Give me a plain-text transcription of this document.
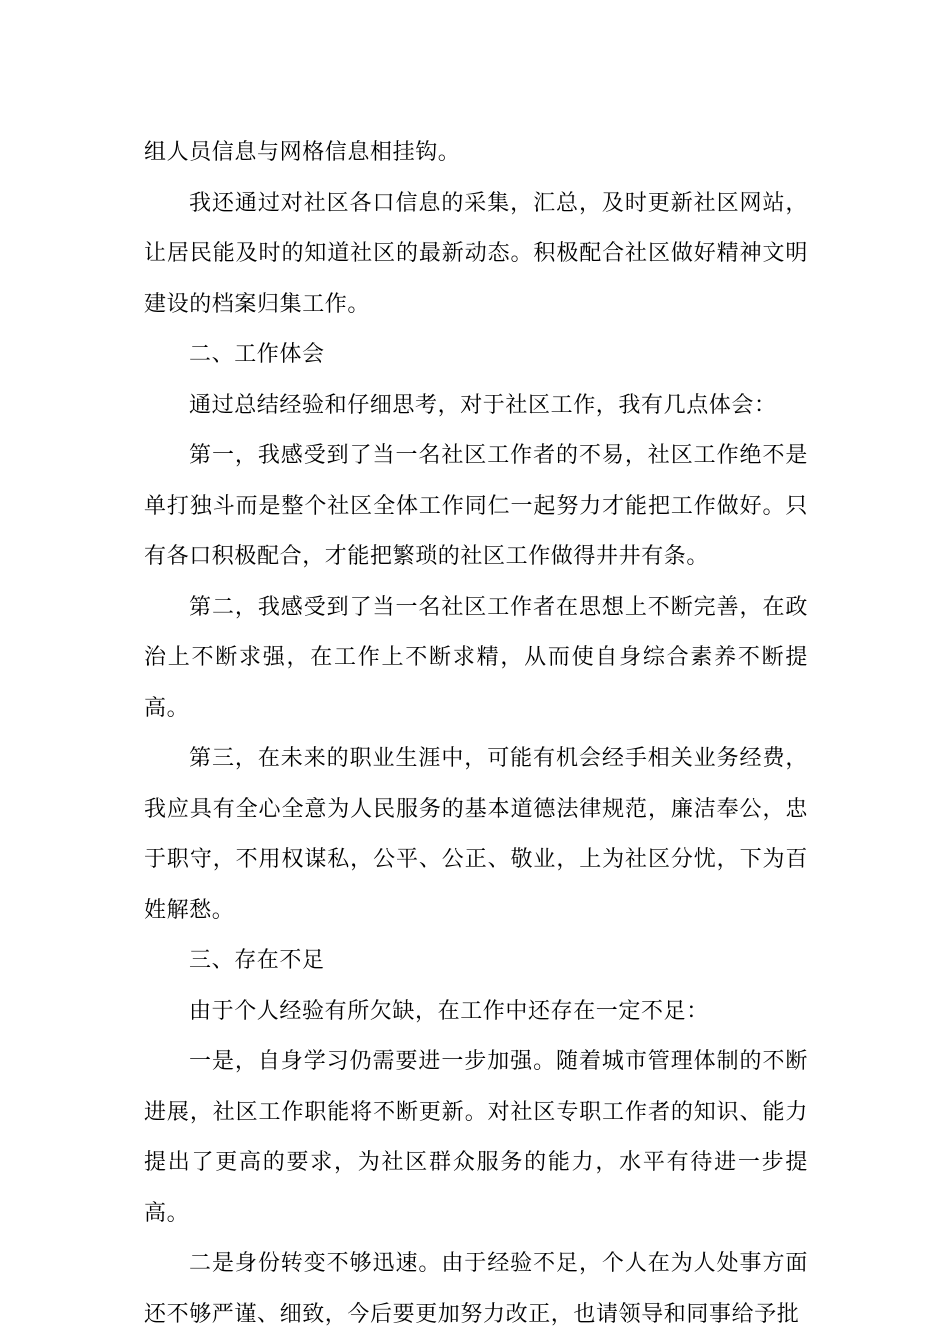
组人员信息与网格信息相挂钩。

我还通过对社区各口信息的采集，汇总，及时更新社区网站，让居民能及时的知道社区的最新动态。积极配合社区做好精神文明建设的档案归集工作。

二、工作体会

通过总结经验和仔细思考，对于社区工作，我有几点体会：

第一，我感受到了当一名社区工作者的不易，社区工作绝不是单打独斗而是整个社区全体工作同仁一起努力才能把工作做好。只有各口积极配合，才能把繁琐的社区工作做得井井有条。

第二，我感受到了当一名社区工作者在思想上不断完善，在政治上不断求强，在工作上不断求精，从而使自身综合素养不断提高。

第三，在未来的职业生涯中，可能有机会经手相关业务经费，我应具有全心全意为人民服务的基本道德法律规范，廉洁奉公，忠于职守，不用权谋私，公平、公正、敬业，上为社区分忧，下为百姓解愁。

三、存在不足

由于个人经验有所欠缺，在工作中还存在一定不足：

一是，自身学习仍需要进一步加强。随着城市管理体制的不断进展，社区工作职能将不断更新。对社区专职工作者的知识、能力提出了更高的要求，为社区群众服务的能力，水平有待进一步提高。

二是身份转变不够迅速。由于经验不足，个人在为人处事方面还不够严谨、细致，今后要更加努力改正，也请领导和同事给予批
